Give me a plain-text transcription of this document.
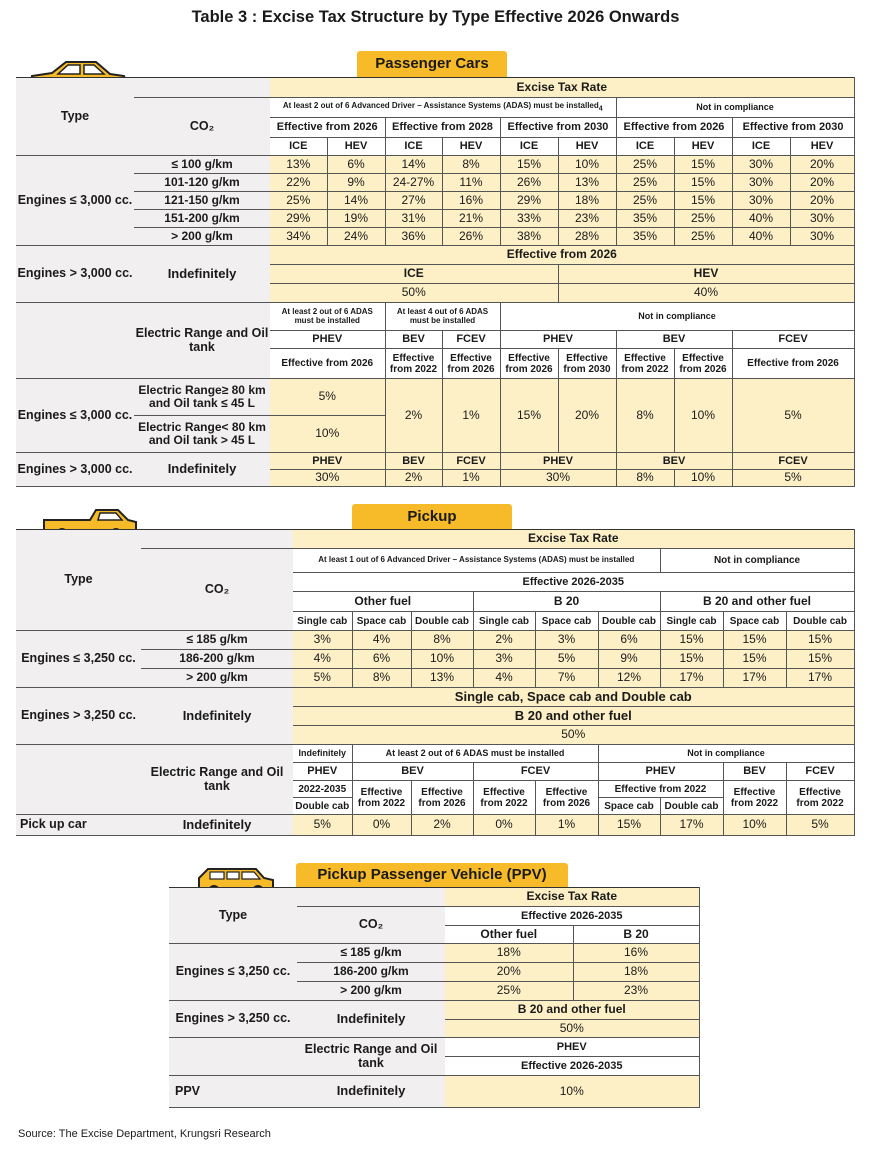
Table 3 : Excise Tax Structure by Type Effective 2026 Onwards
Passenger Cars
Type		Excise Tax Rate									
	CO₂	At least 2 out of 6 Advanced Driver – Assistance Systems (ADAS) must be installed$_4$						Not in compliance			
		Effective from 2026		Effective from 2028		Effective from 2030		Effective from 2026		Effective from 2030	
		ICE	HEV	ICE	HEV	ICE	HEV	ICE	HEV	ICE	HEV
Engines ≤ 3,000 cc.	≤ 100 g/km	13%	6%	14%	8%	15%	10%	25%	15%	30%	20%
	101-120 g/km	22%	9%	24-27%	11%	26%	13%	25%	15%	30%	20%
	121-150 g/km	25%	14%	27%	16%	29%	18%	25%	15%	30%	20%
	151-200 g/km	29%	19%	31%	21%	33%	23%	35%	25%	40%	30%
	> 200 g/km	34%	24%	36%	26%	38%	28%	35%	25%	40%	30%
Engines > 3,000 cc.	Indefinitely	Effective from 2026									
		ICE					HEV				
		50%					40%				
	Electric Range and Oil tank	At least 2 out of 6 ADAS must be installed		At least 4 out of 6 ADAS must be installed		Not in compliance					
		PHEV		BEV	FCEV	PHEV		BEV		FCEV	
		Effective from 2026		Effective from 2022	Effective from 2026	Effective from 2026	Effective from 2030	Effective from 2022	Effective from 2026	Effective from 2026	
Engines ≤ 3,000 cc.	Electric Range≥ 80 km and Oil tank ≤ 45 L	5%		2%	1%	15%	20%	8%	10%	5%	
	Electric Range< 80 km and Oil tank > 45 L	10%									
Engines > 3,000 cc.	Indefinitely	PHEV		BEV	FCEV	PHEV		BEV		FCEV	
		30%		2%	1%	30%		8%	10%	5%	
Pickup
Type		Excise Tax Rate								
	CO₂	At least 1 out of 6 Advanced Driver – Assistance Systems (ADAS) must be installed						Not in compliance		
		Effective 2026-2035								
		Other fuel			B 20			B 20 and other fuel		
		Single cab	Space cab	Double cab	Single cab	Space cab	Double cab	Single cab	Space cab	Double cab
Engines ≤ 3,250 cc.	≤ 185 g/km	3%	4%	8%	2%	3%	6%	15%	15%	15%
	186-200 g/km	4%	6%	10%	3%	5%	9%	15%	15%	15%
	> 200 g/km	5%	8%	13%	4%	7%	12%	17%	17%	17%
Engines > 3,250 cc.	Indefinitely	Single cab, Space cab and Double cab								
		B 20 and other fuel								
		50%								
	Electric Range and Oil tank	Indefinitely	At least 2 out of 6 ADAS must be installed				Not in compliance			
		PHEV	BEV		FCEV		PHEV		BEV	FCEV
		2022-2035	Effective from 2022	Effective from 2026	Effective from 2022	Effective from 2026	Effective from 2022		Effective from 2022	Effective from 2022
		Double cab					Space cab	Double cab		
Pick up car	Indefinitely	5%	0%	2%	0%	1%	15%	17%	10%	5%
Pickup Passenger Vehicle (PPV)
Type		Excise Tax Rate	
	CO₂	Effective 2026-2035	
		Other fuel	B 20
Engines ≤ 3,250 cc.	≤ 185 g/km	18%	16%
	186-200 g/km	20%	18%
	> 200 g/km	25%	23%
Engines > 3,250 cc.	Indefinitely	B 20 and other fuel	
		50%	
	Electric Range and Oil tank	PHEV	
		Effective 2026-2035	
PPV	Indefinitely	10%	
Source: The Excise Department, Krungsri Research
